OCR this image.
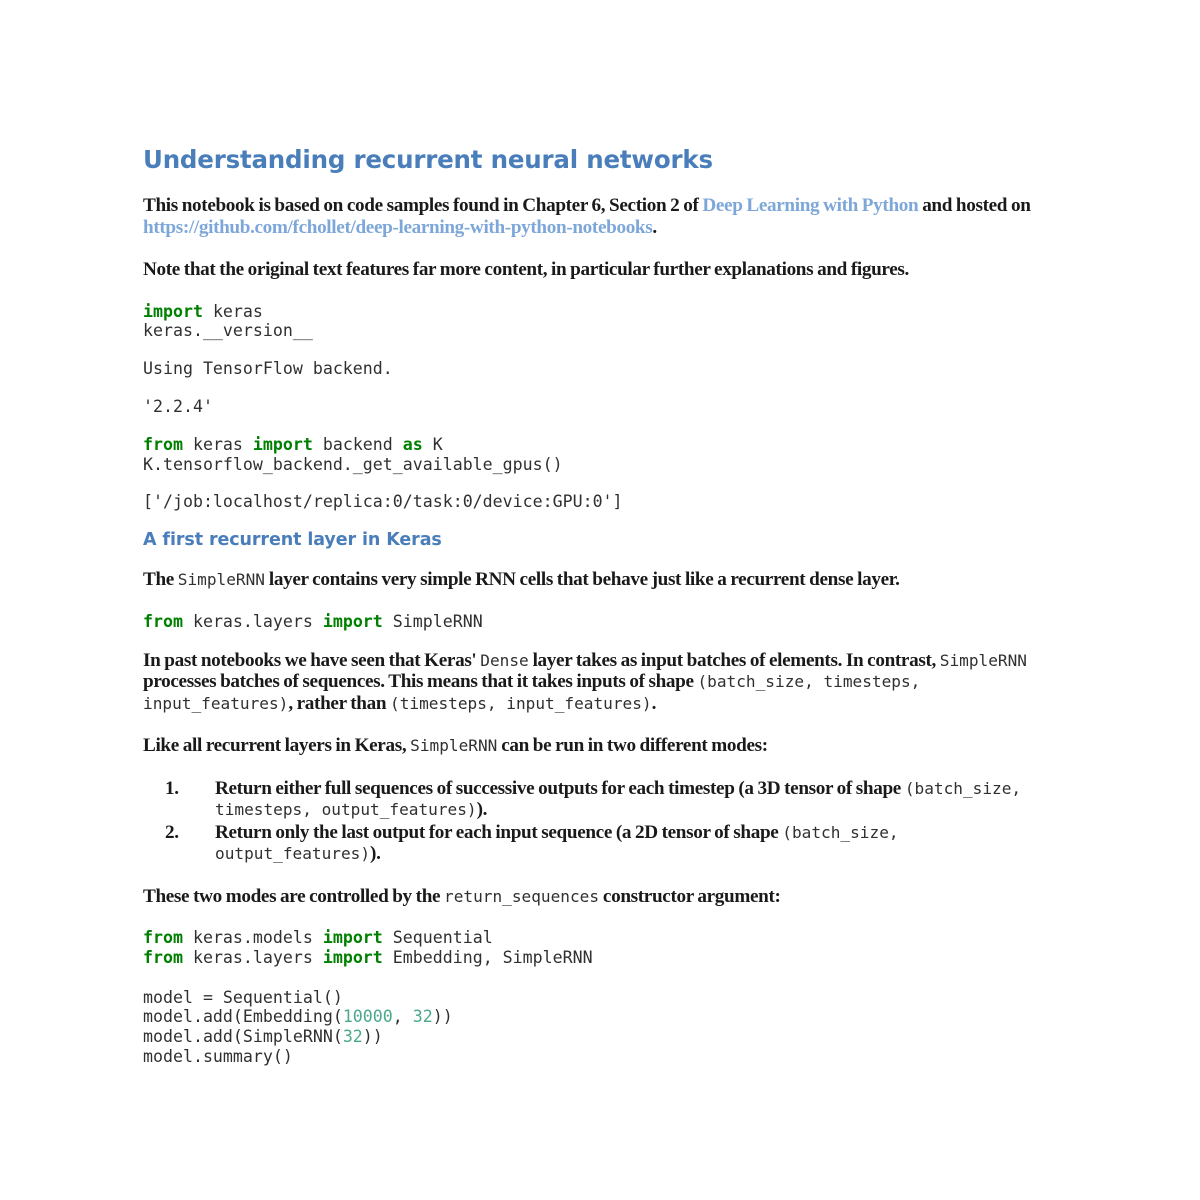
Understanding recurrent neural networks

This notebook is based on code samples found in Chapter 6, Section 2 of Deep Learning with Python and hosted on https://github.com/fchollet/deep-learning-with-python-notebooks.

Note that the original text features far more content, in particular further explanations and figures.

import keras
keras.__version__
Using TensorFlow backend.
'2.2.4'
from keras import backend as K
K.tensorflow_backend._get_available_gpus()
['/job:localhost/replica:0/task:0/device:GPU:0']
A first recurrent layer in Keras

The SimpleRNN layer contains very simple RNN cells that behave just like a recurrent dense layer.

from keras.layers import SimpleRNN

In past notebooks we have seen that Keras' Dense layer takes as input batches of elements. In contrast, SimpleRNN processes batches of sequences. This means that it takes inputs of shape (batch_size, timesteps, input_features), rather than (timesteps, input_features).

Like all recurrent layers in Keras, SimpleRNN can be run in two different modes:

Return either full sequences of successive outputs for each timestep (a 3D tensor of shape (batch_size, timesteps, output_features)).
Return only the last output for each input sequence (a 2D tensor of shape (batch_size, output_features)).

These two modes are controlled by the return_sequences constructor argument:

from keras.models import Sequential
from keras.layers import Embedding, SimpleRNN

model = Sequential()
model.add(Embedding(10000, 32))
model.add(SimpleRNN(32))
model.summary()
